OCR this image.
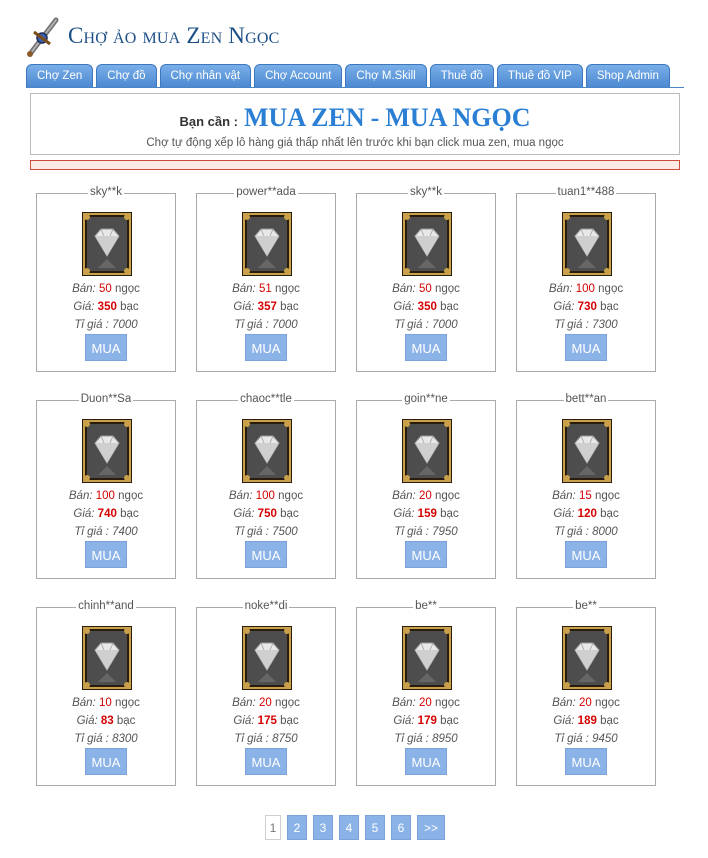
Chợ ảo mua Zen Ngọc
Chợ Zen	Chợ đồ	Chợ nhân vật	Chợ Account	Chợ M.Skill	Thuê đồ	Thuê đồ VIP	Shop Admin
Bạn cần : MUA ZEN - MUA NGỌC
Chợ tự động xếp lô hàng giá thấp nhất lên trước khi bạn click mua zen, mua ngọc
sky**k
Bán: 50 ngọc
Giá: 350 bạc
Tỉ giá : 7000
MUA
power**ada
Bán: 51 ngọc
Giá: 357 bạc
Tỉ giá : 7000
MUA
sky**k
Bán: 50 ngọc
Giá: 350 bạc
Tỉ giá : 7000
MUA
tuan1**488
Bán: 100 ngọc
Giá: 730 bạc
Tỉ giá : 7300
MUA
Duon**Sa
Bán: 100 ngọc
Giá: 740 bạc
Tỉ giá : 7400
MUA
chaoc**tle
Bán: 100 ngọc
Giá: 750 bạc
Tỉ giá : 7500
MUA
goin**ne
Bán: 20 ngọc
Giá: 159 bạc
Tỉ giá : 7950
MUA
bett**an
Bán: 15 ngọc
Giá: 120 bạc
Tỉ giá : 8000
MUA
chinh**and
Bán: 10 ngọc
Giá: 83 bạc
Tỉ giá : 8300
MUA
noke**di
Bán: 20 ngọc
Giá: 175 bạc
Tỉ giá : 8750
MUA
be**
Bán: 20 ngọc
Giá: 179 bạc
Tỉ giá : 8950
MUA
be**
Bán: 20 ngọc
Giá: 189 bạc
Tỉ giá : 9450
MUA
1	2	3	4	5	6	>>
